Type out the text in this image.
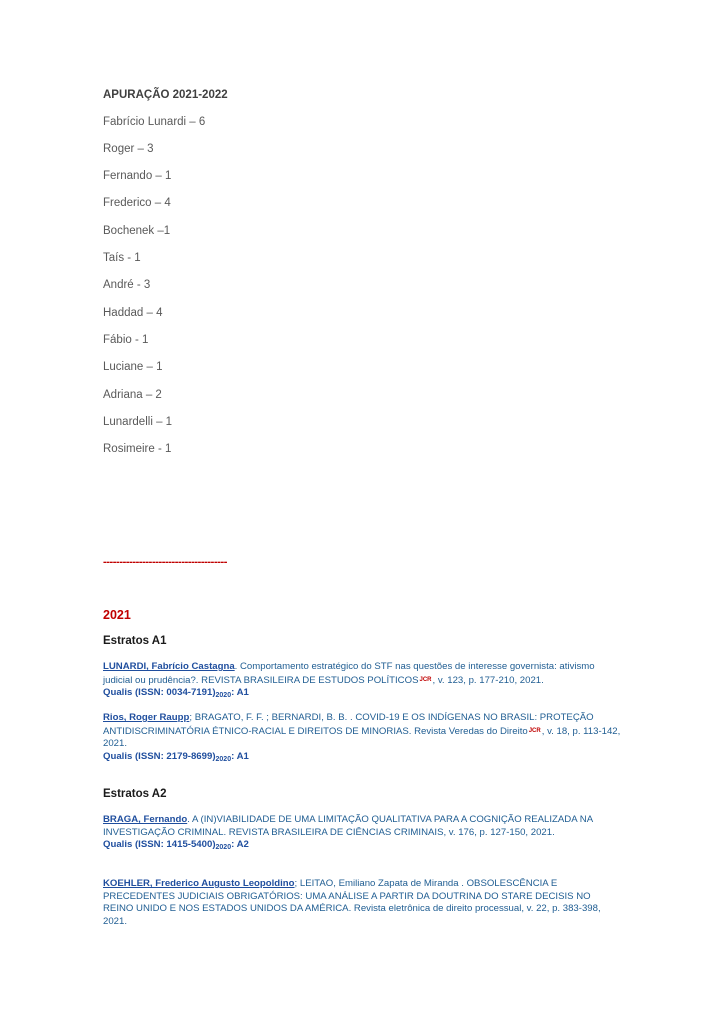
APURAÇÃO 2021-2022
Fabrício Lunardi – 6
Roger – 3
Fernando – 1
Frederico – 4
Bochenek –1
Taís - 1
André - 3
Haddad – 4
Fábio - 1
Luciane – 1
Adriana – 2
Lunardelli – 1
Rosimeire - 1
--------------------------------------
2021
Estratos A1
LUNARDI, Fabrício Castagna. Comportamento estratégico do STF nas questões de interesse governista: ativismo judicial ou prudência?. REVISTA BRASILEIRA DE ESTUDOS $POLÍTICOS^{JCR}$, v. 123, p. 177-210, 2021.
Qualis (ISSN: $0034-7191)_{2020}$: A1
Rios, Roger Raupp; BRAGATO, F. F. ; BERNARDI, B. B. . COVID-19 E OS INDÍGENAS NO BRASIL: PROTEÇÃO ANTIDISCRIMINATÓRIA ÉTNICO-RACIAL E DIREITOS DE MINORIAS. Revista Veredas do Direito$^{JCR}$, v. 18, p. 113-142, 2021.
Qualis (ISSN: $2179-8699)_{2020}$: A1
Estratos A2
BRAGA, Fernando. A (IN)VIABILIDADE DE UMA LIMITAÇÃO QUALITATIVA PARA A COGNIÇÃO REALIZADA NA INVESTIGAÇÃO CRIMINAL. REVISTA BRASILEIRA DE CIÊNCIAS CRIMINAIS, v. 176, p. 127-150, 2021.
Qualis (ISSN: $1415-5400)_{2020}$: A2
KOEHLER, Frederico Augusto Leopoldino; LEITAO, Emiliano Zapata de Miranda . OBSOLESCÊNCIA E PRECEDENTES JUDICIAIS OBRIGATÓRIOS: UMA ANÁLISE A PARTIR DA DOUTRINA DO STARE DECISIS NO REINO UNIDO E NOS ESTADOS UNIDOS DA AMÉRICA. Revista eletrônica de direito processual, v. 22, p. 383-398, 2021.
